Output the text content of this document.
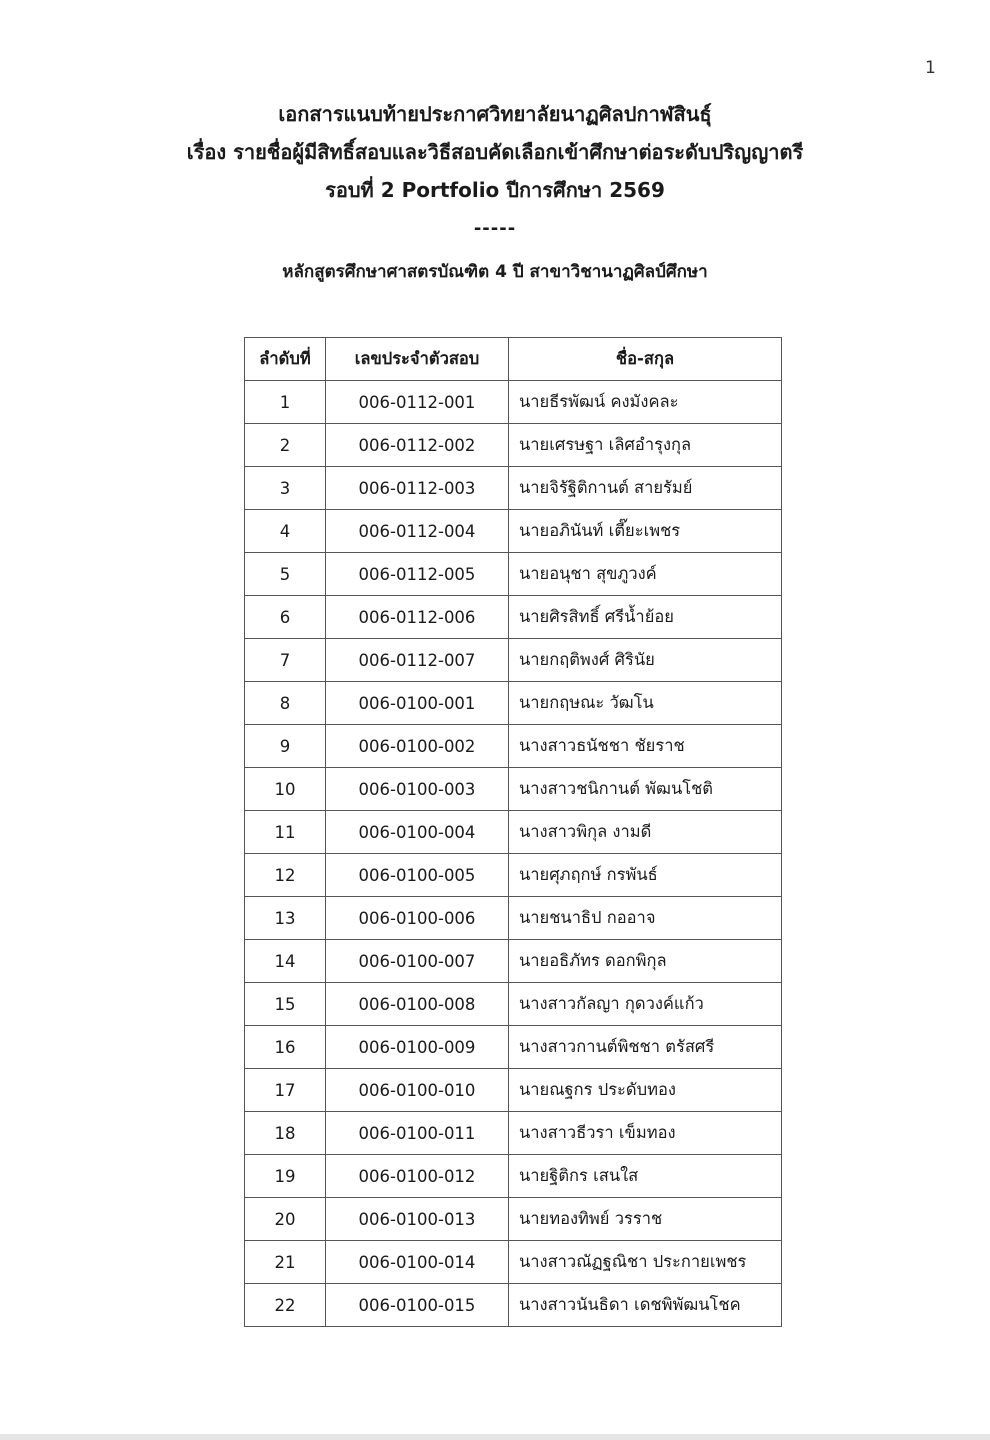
1
เอกสารแนบท้ายประกาศวิทยาลัยนาฏศิลปกาฬสินธุ์
เรื่อง รายชื่อผู้มีสิทธิ์สอบและวิธีสอบคัดเลือกเข้าศึกษาต่อระดับปริญญาตรี
รอบที่ 2 Portfolio ปีการศึกษา 2569
-----
หลักสูตรศึกษาศาสตรบัณฑิต 4 ปี สาขาวิชานาฏศิลป์ศึกษา
ลำดับที่	เลขประจำตัวสอบ	ชื่อ-สกุล
1	006-0112-001	นายธีรพัฒน์ คงมังคละ
2	006-0112-002	นายเศรษฐา เลิศอำรุงกุล
3	006-0112-003	นายจิรัฐิติกานต์ สายรัมย์
4	006-0112-004	นายอภินันท์ เตี๊ยะเพชร
5	006-0112-005	นายอนุชา สุขภูวงค์
6	006-0112-006	นายศิรสิทธิ์ ศรีน้ำย้อย
7	006-0112-007	นายกฤติพงศ์ ศิรินัย
8	006-0100-001	นายกฤษณะ วัฒโน
9	006-0100-002	นางสาวธนัชชา ชัยราช
10	006-0100-003	นางสาวชนิกานต์ พัฒนโชติ
11	006-0100-004	นางสาวพิกุล งามดี
12	006-0100-005	นายศุภฤกษ์ กรพันธ์
13	006-0100-006	นายชนาธิป กออาจ
14	006-0100-007	นายอธิภัทร ดอกพิกุล
15	006-0100-008	นางสาวกัลญา กุดวงค์แก้ว
16	006-0100-009	นางสาวกานต์พิชชา ตรัสศรี
17	006-0100-010	นายณฐกร ประดับทอง
18	006-0100-011	นางสาวธีวรา เข็มทอง
19	006-0100-012	นายฐิติกร เสนใส
20	006-0100-013	นายทองทิพย์ วรราช
21	006-0100-014	นางสาวณัฏฐณิชา ประกายเพชร
22	006-0100-015	นางสาวนันธิดา เดชพิพัฒนโชค
